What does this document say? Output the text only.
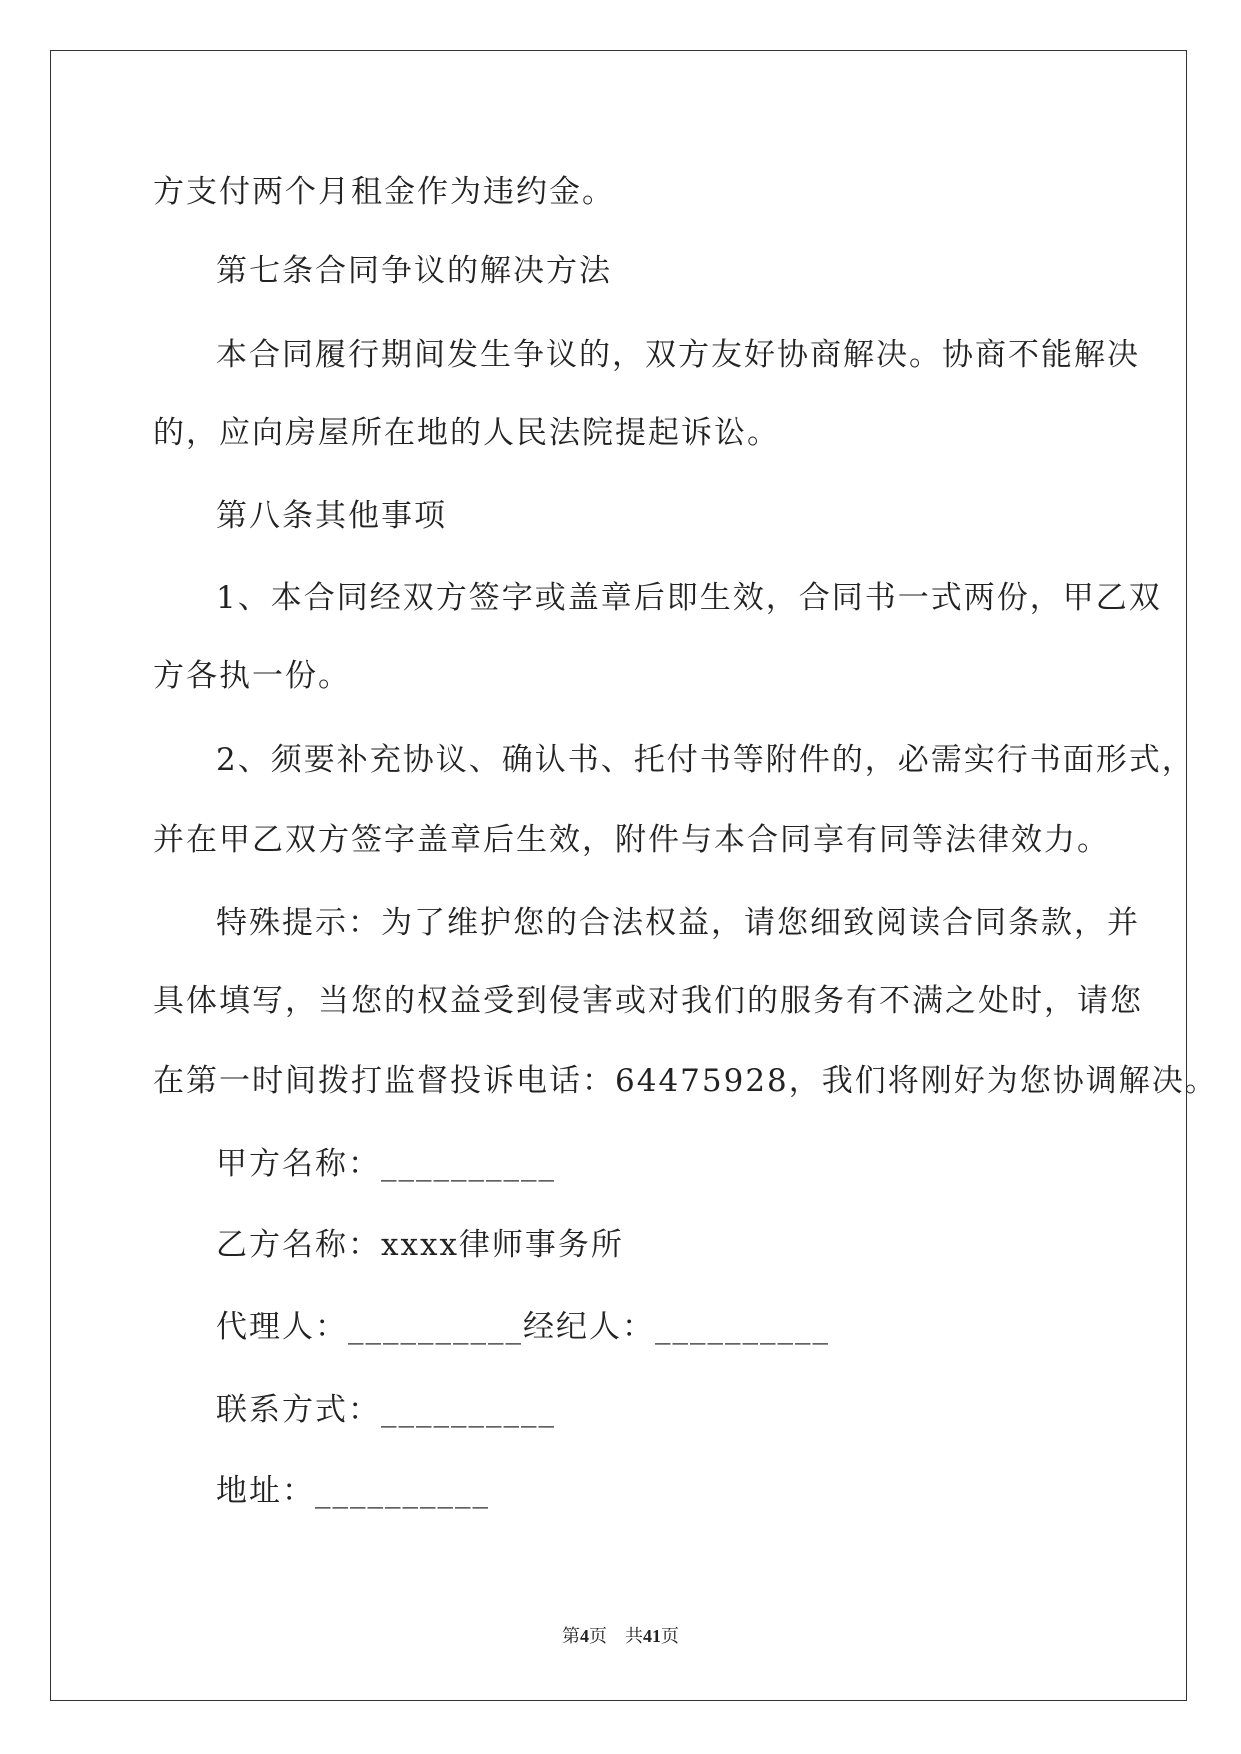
方支付两个月租金作为违约金。
第七条合同争议的解决方法
本合同履行期间发生争议的，双方友好协商解决。协商不能解决
的，应向房屋所在地的人民法院提起诉讼。
第八条其他事项
1、本合同经双方签字或盖章后即生效，合同书一式两份，甲乙双
方各执一份。
2、须要补充协议、确认书、托付书等附件的，必需实行书面形式，
并在甲乙双方签字盖章后生效，附件与本合同享有同等法律效力。
特殊提示：为了维护您的合法权益，请您细致阅读合同条款，并
具体填写，当您的权益受到侵害或对我们的服务有不满之处时，请您
在第一时间拨打监督投诉电话：64475928，我们将刚好为您协调解决。
甲方名称：__________
乙方名称：xxxx律师事务所
代理人：__________经纪人：__________
联系方式：__________
地址：__________
第4页　共41页
